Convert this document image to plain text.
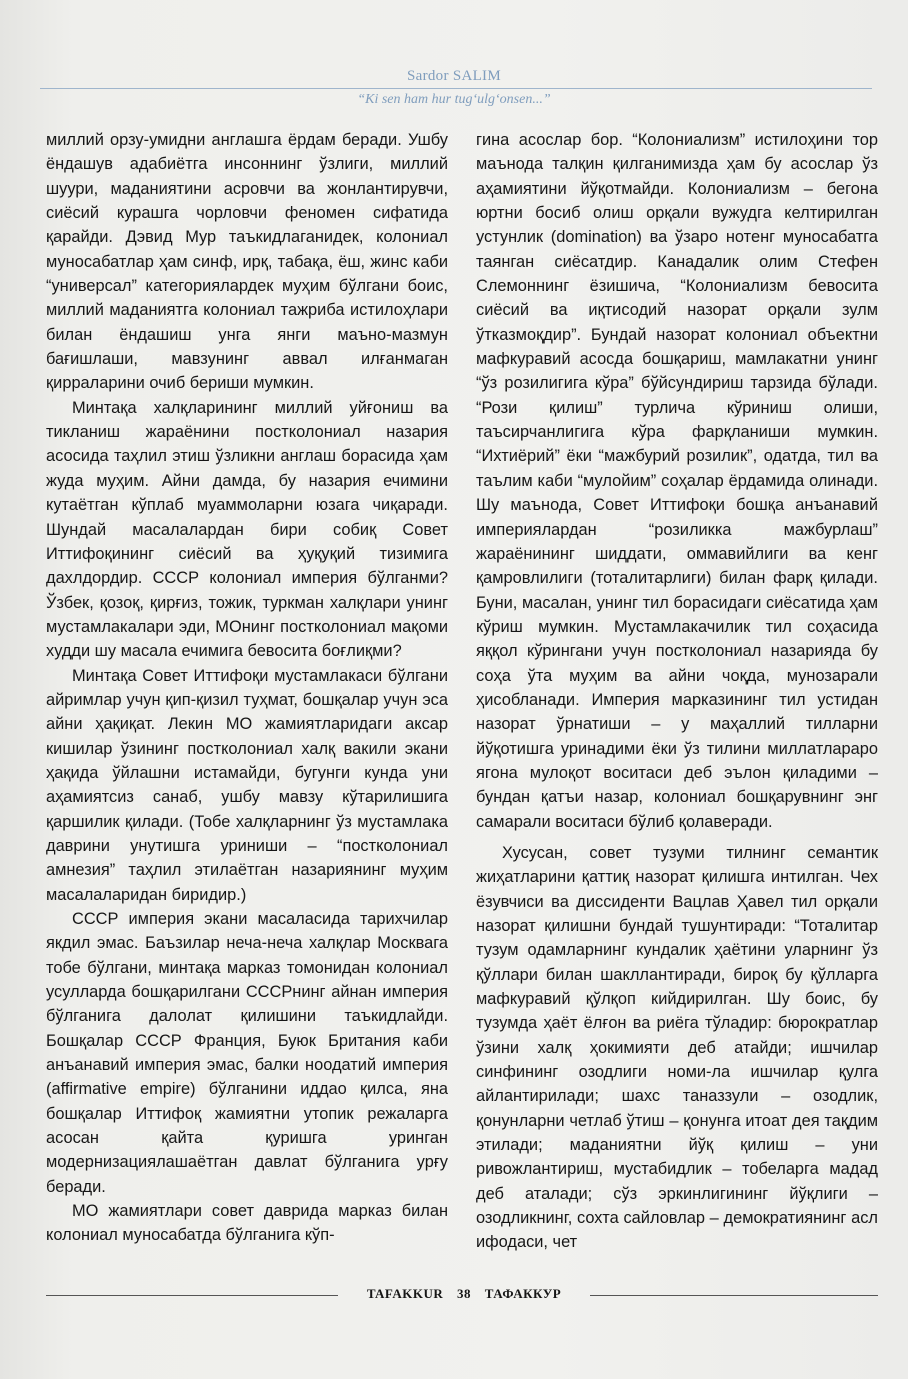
Sardor SALIM
“Ki sen ham hur tug‘ulg‘onsen...”

миллий орзу-умидни англашга ёрдам беради. Ушбу ёндашув адабиётга инсоннинг ўзлиги, миллий шуури, маданиятини асровчи ва жонлантирувчи, сиёсий курашга чорловчи феномен сифатида қарайди. Дэвид Мур таъкидлаганидек, колониал муносабатлар ҳам синф, ирқ, табақа, ёш, жинс каби “универсал” категориялардек муҳим бўлгани боис, миллий маданиятга колониал тажриба истилоҳлари билан ёндашиш унга янги маъно-мазмун бағишлаши, мавзунинг аввал илғанмаган қирраларини очиб бериши мумкин.

Минтақа халқларининг миллий уйғониш ва тикланиш жараёнини постколониал назария асосида таҳлил этиш ўзликни англаш борасида ҳам жуда муҳим. Айни дамда, бу назария ечимини кутаётган кўплаб муаммоларни юзага чиқаради. Шундай масалалардан бири собиқ Совет Иттифоқининг сиёсий ва ҳуқуқий тизимига дахлдордир. СССР колониал империя бўлганми? Ўзбек, қозоқ, қирғиз, тожик, туркман халқлари унинг мустамлакалари эди, МОнинг постколониал мақоми худди шу масала ечимига бевосита боғлиқми?

Минтақа Совет Иттифоқи мустамлакаси бўлгани айримлар учун қип-қизил туҳмат, бошқалар учун эса айни ҳақиқат. Лекин МО жамиятларидаги аксар кишилар ўзининг постколониал халқ вакили экани ҳақида ўйлашни истамайди, бугунги кунда уни аҳамиятсиз санаб, ушбу мавзу кўтарилишига қаршилик қилади. (Тобе халқларнинг ўз мустамлака даврини унутишга уриниши – “постколониал амнезия” таҳлил этилаётган назариянинг муҳим масалаларидан биридир.)

СССР империя экани масаласида тарихчилар якдил эмас. Баъзилар неча-неча халқлар Москвага тобе бўлгани, минтақа марказ томонидан колониал усулларда бошқарилгани СССРнинг айнан империя бўлганига далолат қилишини таъкидлайди. Бошқалар СССР Франция, Буюк Британия каби анъанавий империя эмас, балки ноодатий империя (affirmative empire) бўлганини иддао қилса, яна бошқалар Иттифоқ жамиятни утопик режаларга асосан қайта қуришга уринган модернизациялашаётган давлат бўлганига урғу беради.

МО жамиятлари совет даврида марказ билан колониал муносабатда бўлганига кўп-

гина асослар бор. “Колониализм” истилоҳини тор маънода талқин қилганимизда ҳам бу асослар ўз аҳамиятини йўқотмайди. Колониализм – бегона юртни босиб олиш орқали вужудга келтирилган устунлик (domination) ва ўзаро нотенг муносабатга таянган сиёсатдир. Канадалик олим Стефен Слемоннинг ёзишича, “Колониализм бевосита сиёсий ва иқтисодий назорат орқали зулм ўтказмоқдир”. Бундай назорат колониал объектни мафкуравий асосда бошқариш, мамлакатни унинг “ўз розилигига кўра” бўйсундириш тарзида бўлади. “Рози қилиш” турлича кўриниш олиши, таъсирчанлигига кўра фарқланиши мумкин. “Ихтиёрий” ёки “мажбурий розилик”, одатда, тил ва таълим каби “мулойим” соҳалар ёрдамида олинади. Шу маънода, Совет Иттифоқи бошқа анъанавий империялардан “розиликка мажбурлаш” жараёнининг шиддати, оммавийлиги ва кенг қамровлилиги (тоталитарлиги) билан фарқ қилади. Буни, масалан, унинг тил борасидаги сиёсатида ҳам кўриш мумкин. Мустамлакачилик тил соҳасида яққол кўрингани учун постколониал назарияда бу соҳа ўта муҳим ва айни чоқда, мунозарали ҳисобланади. Империя марказининг тил устидан назорат ўрнатиши – у маҳаллий тилларни йўқотишга уринадими ёки ўз тилини миллатлараро ягона мулоқот воситаси деб эълон қиладими – бундан қатъи назар, колониал бошқарувнинг энг самарали воситаси бўлиб қолаверади.

Хусусан, совет тузуми тилнинг семантик жиҳатларини қаттиқ назорат қилишга интилган. Чех ёзувчиси ва диссиденти Вацлав Ҳавел тил орқали назорат қилишни бундай тушунтиради: “Тоталитар тузум одамларнинг кундалик ҳаётини уларнинг ўз қўллари билан шакллантиради, бироқ бу қўлларга мафкуравий қўлқоп кийдирилган. Шу боис, бу тузумда ҳаёт ёлғон ва риёга тўладир: бюрократлар ўзини халқ ҳокимияти деб атайди; ишчилар синфининг озодлиги номи-ла ишчилар қулга айлантирилади; шахс таназзули – озодлик, қонунларни четлаб ўтиш – қонунга итоат дея тақдим этилади; маданиятни йўқ қилиш – уни ривожлантириш, мустабидлик – тобеларга мадад деб аталади; сўз эркинлигининг йўқлиги – озодликнинг, сохта сайловлар – демократиянинг асл ифодаси, чет

TAFAKKUR 38 ТАФАККУР
